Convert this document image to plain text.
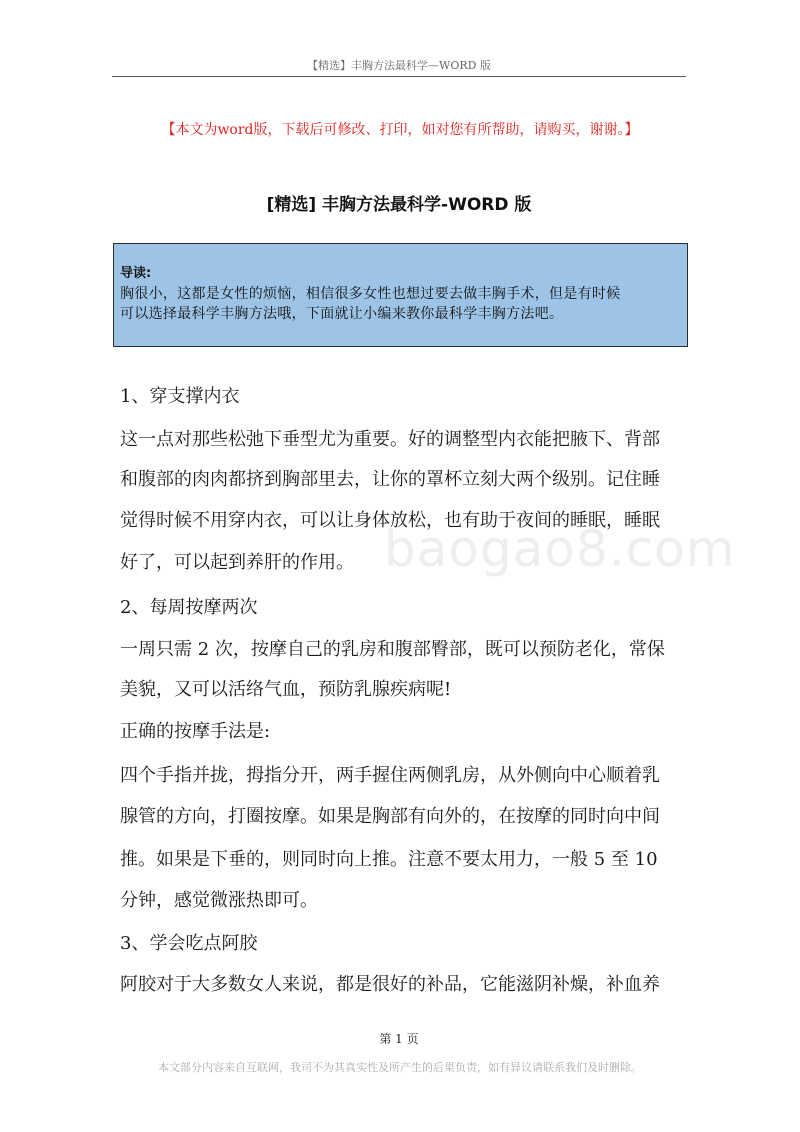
【精选】丰胸方法最科学—WORD 版
【本文为word版，下载后可修改、打印，如对您有所帮助，请购买，谢谢。】
[精选] 丰胸方法最科学-WORD 版
导读:
胸很小，这都是女性的烦恼，相信很多女性也想过要去做丰胸手术，但是有时候
可以选择最科学丰胸方法哦，下面就让小编来教你最科学丰胸方法吧。
baogao8.com
1、穿支撑内衣
这一点对那些松弛下垂型尤为重要。好的调整型内衣能把腋下、背部
和腹部的肉肉都挤到胸部里去，让你的罩杯立刻大两个级别。记住睡
觉得时候不用穿内衣，可以让身体放松，也有助于夜间的睡眠，睡眠
好了，可以起到养肝的作用。
2、每周按摩两次
一周只需 2 次，按摩自己的乳房和腹部臀部，既可以预防老化，常保
美貌，又可以活络气血，预防乳腺疾病呢!
正确的按摩手法是:
四个手指并拢，拇指分开，两手握住两侧乳房，从外侧向中心顺着乳
腺管的方向，打圈按摩。如果是胸部有向外的，在按摩的同时向中间
推。如果是下垂的，则同时向上推。注意不要太用力，一般 5 至 10
分钟，感觉微涨热即可。
3、学会吃点阿胶
阿胶对于大多数女人来说，都是很好的补品，它能滋阴补燥，补血养
第 1 页
本文部分内容来自互联网，我司不为其真实性及所产生的后果负责，如有异议请联系我们及时删除。
